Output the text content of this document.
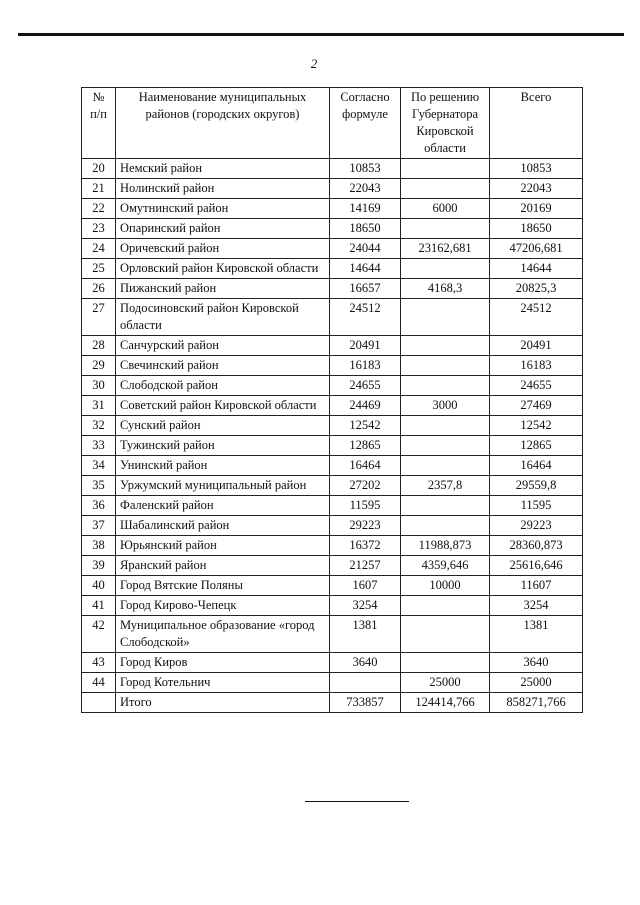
2
№ п/п	Наименование муниципальных районов (городских округов)	Согласно формуле	По решению Губернатора Кировской области	Всего
20	Немский район	10853		10853
21	Нолинский район	22043		22043
22	Омутнинский район	14169	6000	20169
23	Опаринский район	18650		18650
24	Оричевский район	24044	23162,681	47206,681
25	Орловский район Кировской области	14644		14644
26	Пижанский район	16657	4168,3	20825,3
27	Подосиновский район Кировской области	24512		24512
28	Санчурский район	20491		20491
29	Свечинский район	16183		16183
30	Слободской район	24655		24655
31	Советский район Кировской области	24469	3000	27469
32	Сунский район	12542		12542
33	Тужинский район	12865		12865
34	Унинский район	16464		16464
35	Уржумский муниципальный район	27202	2357,8	29559,8
36	Фаленский район	11595		11595
37	Шабалинский район	29223		29223
38	Юрьянский район	16372	11988,873	28360,873
39	Яранский район	21257	4359,646	25616,646
40	Город Вятские Поляны	1607	10000	11607
41	Город Кирово-Чепецк	3254		3254
42	Муниципальное образование «город Слободской»	1381		1381
43	Город Киров	3640		3640
44	Город Котельнич		25000	25000
	Итого	733857	124414,766	858271,766
